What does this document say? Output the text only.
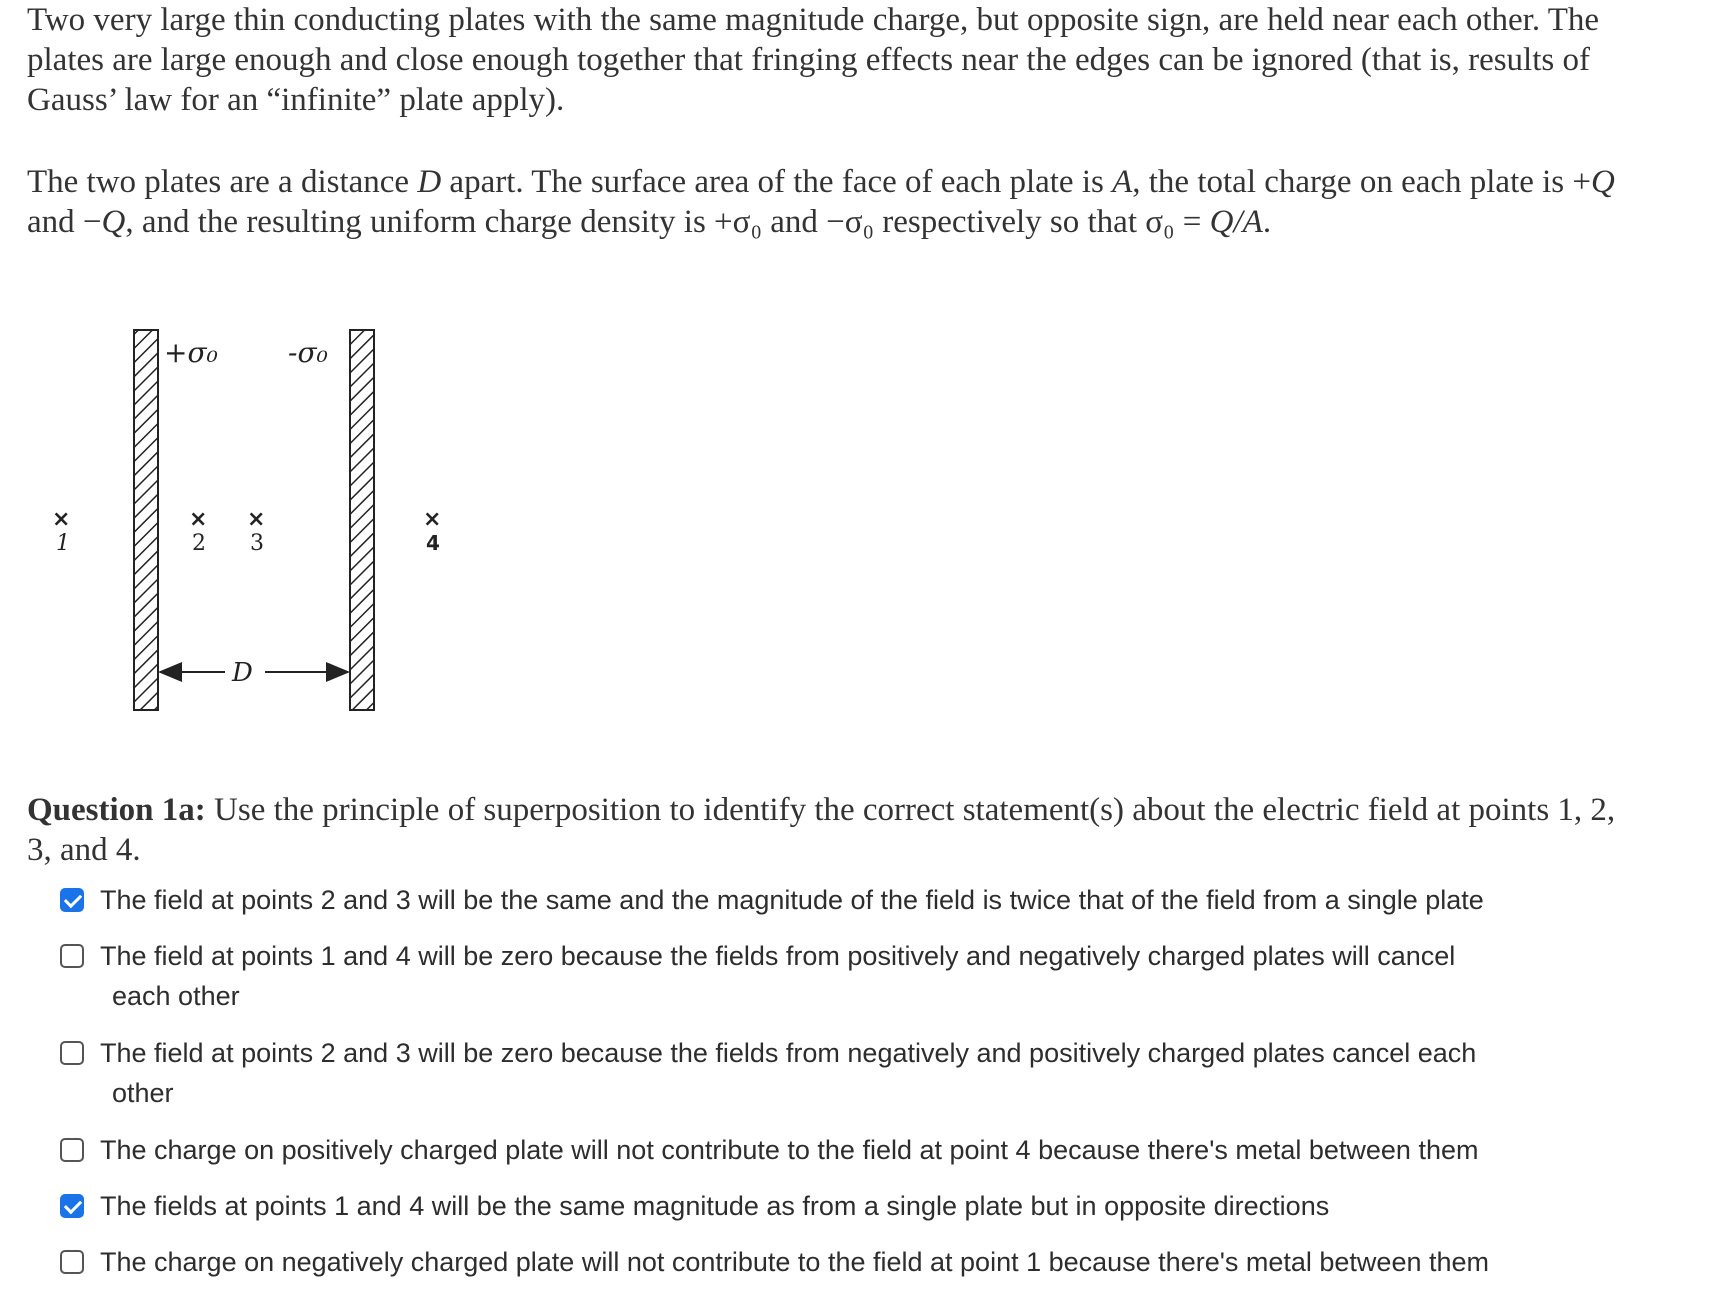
Two very large thin conducting plates with the same magnitude charge, but opposite sign, are held near each other. The plates are large enough and close enough together that fringing effects near the edges can be ignored (that is, results of Gauss’ law for an “infinite” plate apply).
The two plates are a distance D apart. The surface area of the face of each plate is A, the total charge on each plate is +Q and −Q, and the resulting uniform charge density is +σ₀ and −σ₀ respectively so that σ₀ = Q/A.
+σ₀	-σ₀
×
1
×
2
×
3
×
4
D
Question 1a: Use the principle of superposition to identify the correct statement(s) about the electric field at points 1, 2, 3, and 4.
The field at points 2 and 3 will be the same and the magnitude of the field is twice that of the field from a single plate
The field at points 1 and 4 will be zero because the fields from positively and negatively charged plates will cancel
each other
The field at points 2 and 3 will be zero because the fields from negatively and positively charged plates cancel each
other
The charge on positively charged plate will not contribute to the field at point 4 because there's metal between them
The fields at points 1 and 4 will be the same magnitude as from a single plate but in opposite directions
The charge on negatively charged plate will not contribute to the field at point 1 because there's metal between them
